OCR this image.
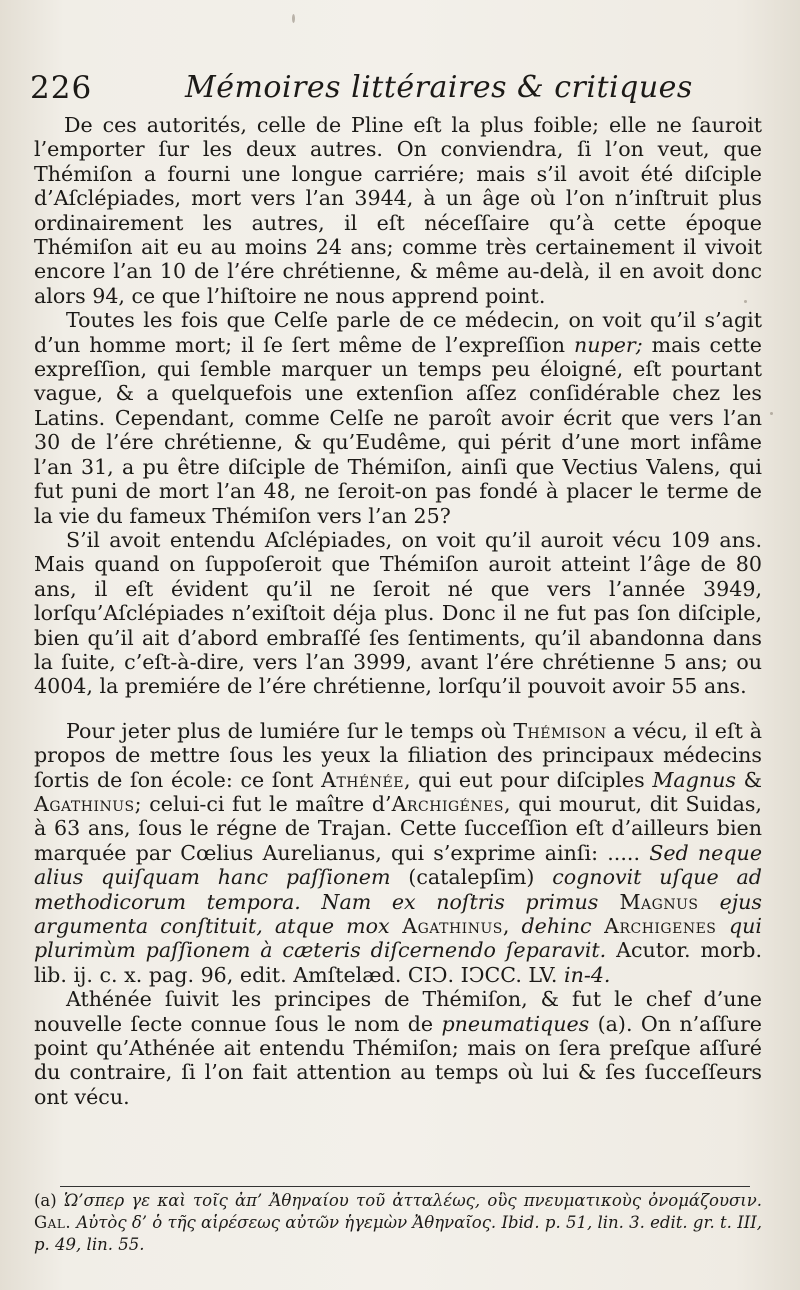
226	Mémoires littéraires & critiques

De ces autorités, celle de Pline eſt la plus foible; elle ne ſauroit l’emporter ſur les deux autres. On conviendra, ſi l’on veut, que Thémiſon a fourni une longue carriére; mais s’il avoit été diſciple d’Aſclépiades, mort vers l’an 3944, à un âge où l’on n’inſtruit plus ordinairement les autres, il eſt néceſſaire qu’à cette époque Thémiſon ait eu au moins 24 ans; comme très certainement il vivoit encore l’an 10 de l’ére chrétienne, & même au-delà, il en avoit donc alors 94, ce que l’hiſtoire ne nous apprend point.

Toutes les fois que Celſe parle de ce médecin, on voit qu’il s’agit d’un homme mort; il ſe ſert même de l’expreſſion nuper; mais cette expreſſion, qui ſemble marquer un temps peu éloigné, eſt pourtant vague, & a quelquefois une extenſion aſſez conſidérable chez les Latins. Cependant, comme Celſe ne paroît avoir écrit que vers l’an 30 de l’ére chrétienne, & qu’Eudême, qui périt d’une mort infâme l’an 31, a pu être diſciple de Thémiſon, ainſi que Vectius Valens, qui fut puni de mort l’an 48, ne ſeroit-on pas fondé à placer le terme de la vie du fameux Thémiſon vers l’an 25?

S’il avoit entendu Aſclépiades, on voit qu’il auroit vécu 109 ans. Mais quand on ſuppoſeroit que Thémiſon auroit atteint l’âge de 80 ans, il eſt évident qu’il ne ſeroit né que vers l’année 3949, lorſqu’Aſclépiades n’exiſtoit déja plus. Donc il ne fut pas ſon diſciple, bien qu’il ait d’abord embraſſé ſes ſentiments, qu’il abandonna dans la ſuite, c’eſt-à-dire, vers l’an 3999, avant l’ére chrétienne 5 ans; ou 4004, la premiére de l’ére chrétienne, lorſqu’il pouvoit avoir 55 ans.

Pour jeter plus de lumiére ſur le temps où Thémison a vécu, il eſt à propos de mettre ſous les yeux la filiation des principaux médecins ſortis de ſon école: ce ſont Athénée, qui eut pour diſciples Magnus & Agathinus; celui-ci fut le maître d’Archigénes, qui mourut, dit Suidas, à 63 ans, ſous le régne de Trajan. Cette ſucceſſion eſt d’ailleurs bien marquée par Cœlius Aurelianus, qui s’exprime ainſi: ..... Sed neque alius quiſquam hanc paſſionem (catalepſim) cognovit uſque ad methodicorum tempora. Nam ex noſtris primus Magnus ejus argumenta conſtituit, atque mox Agathinus, dehinc Archigenes qui plurimùm paſſionem à cæteris diſcernendo ſeparavit. Acutor. morb. lib. ij. c. x. pag. 96, edit. Amſtelæd. CIↃ. IↃCC. LV. in-4.

Athénée ſuivit les principes de Thémiſon, & fut le chef d’une nouvelle ſecte connue ſous le nom de pneumatiques (a). On n’aſſure point qu’Athénée ait entendu Thémiſon; mais on ſera preſque aſſuré du contraire, ſi l’on fait attention au temps où lui & ſes ſucceſſeurs ont vécu.

(a) Ὡ’σπερ γε καὶ τοῖς ἀπ’ Ἀθηναίου τοῦ ἀτταλέως, οὓς πνευματικοὺς ὀνομάζουσιν. Gal. Αὐτὸς δ’ ὁ τῆς αἱρέσεως αὐτῶν ἡγεμὼν Ἀθηναῖος. Ibid. p. 51, lin. 3. edit. gr. t. III, p. 49, lin. 55.
